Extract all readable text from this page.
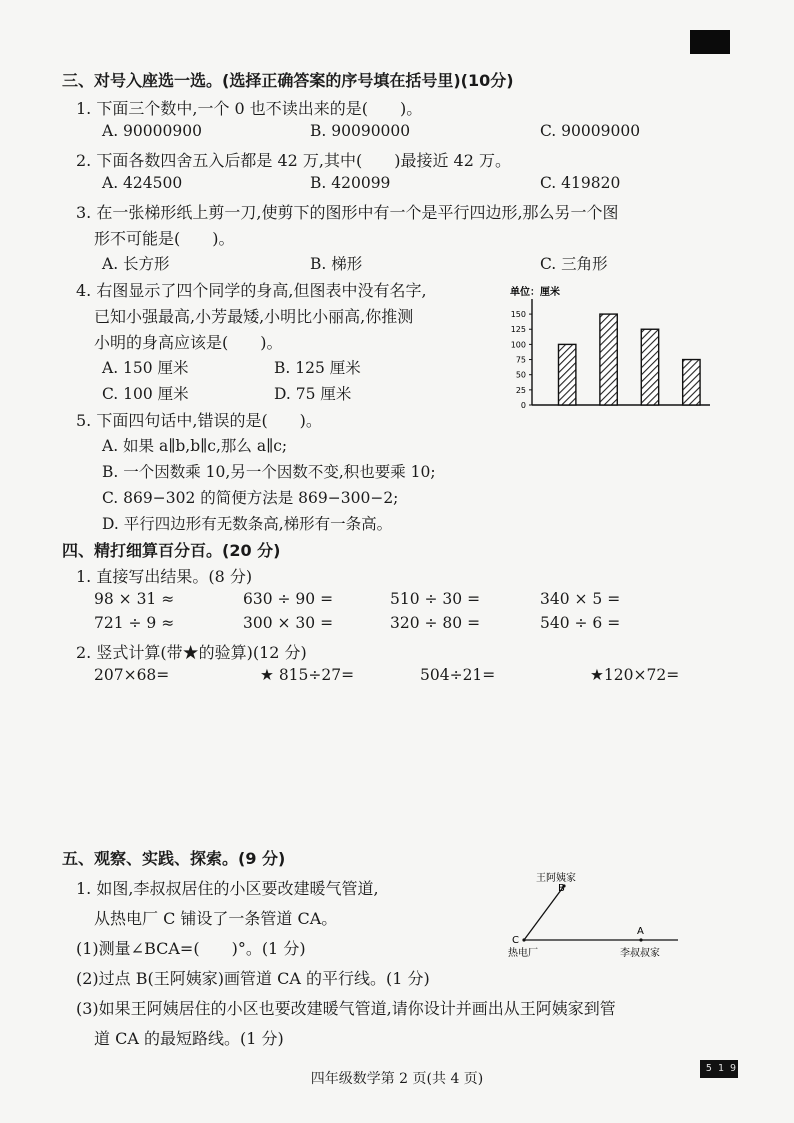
三、对号入座选一选。(选择正确答案的序号填在括号里)(10分)
1. 下面三个数中,一个 0 也不读出来的是(　　)。
A. 90000900	B. 90090000	C. 90009000
2. 下面各数四舍五入后都是 42 万,其中(　　)最接近 42 万。
A. 424500	B. 420099	C. 419820
3. 在一张梯形纸上剪一刀,使剪下的图形中有一个是平行四边形,那么另一个图
形不可能是(　　)。
A. 长方形	B. 梯形	C. 三角形
4. 右图显示了四个同学的身高,但图表中没有名字,
已知小强最高,小芳最矮,小明比小丽高,你推测
小明的身高应该是(　　)。
A. 150 厘米	B. 125 厘米
C. 100 厘米	D. 75 厘米
单位：厘米
0
25
50
75
100
125
150
5. 下面四句话中,错误的是(　　)。
A. 如果 a∥b,b∥c,那么 a∥c;
B. 一个因数乘 10,另一个因数不变,积也要乘 10;
C. 869−302 的简便方法是 869−300−2;
D. 平行四边形有无数条高,梯形有一条高。
四、精打细算百分百。(20 分)
1. 直接写出结果。(8 分)
98 × 31 ≈	630 ÷ 90 =	510 ÷ 30 =	340 × 5 =
721 ÷ 9 ≈	300 × 30 =	320 ÷ 80 =	540 ÷ 6 =
2. 竖式计算(带★的验算)(12 分)
207×68=	★ 815÷27=	504÷21=	★120×72=
五、观察、实践、探索。(9 分)
1. 如图,李叔叔居住的小区要改建暖气管道,
从热电厂 C 铺设了一条管道 CA。
(1)测量∠BCA=(　　)°。(1 分)
(2)过点 B(王阿姨家)画管道 CA 的平行线。(1 分)
(3)如果王阿姨居住的小区也要改建暖气管道,请你设计并画出从王阿姨家到管
道 CA 的最短路线。(1 分)
王阿姨家
B
C
A
热电厂	李叔叔家
四年级数学第 2 页(共 4 页)
5 1 9
